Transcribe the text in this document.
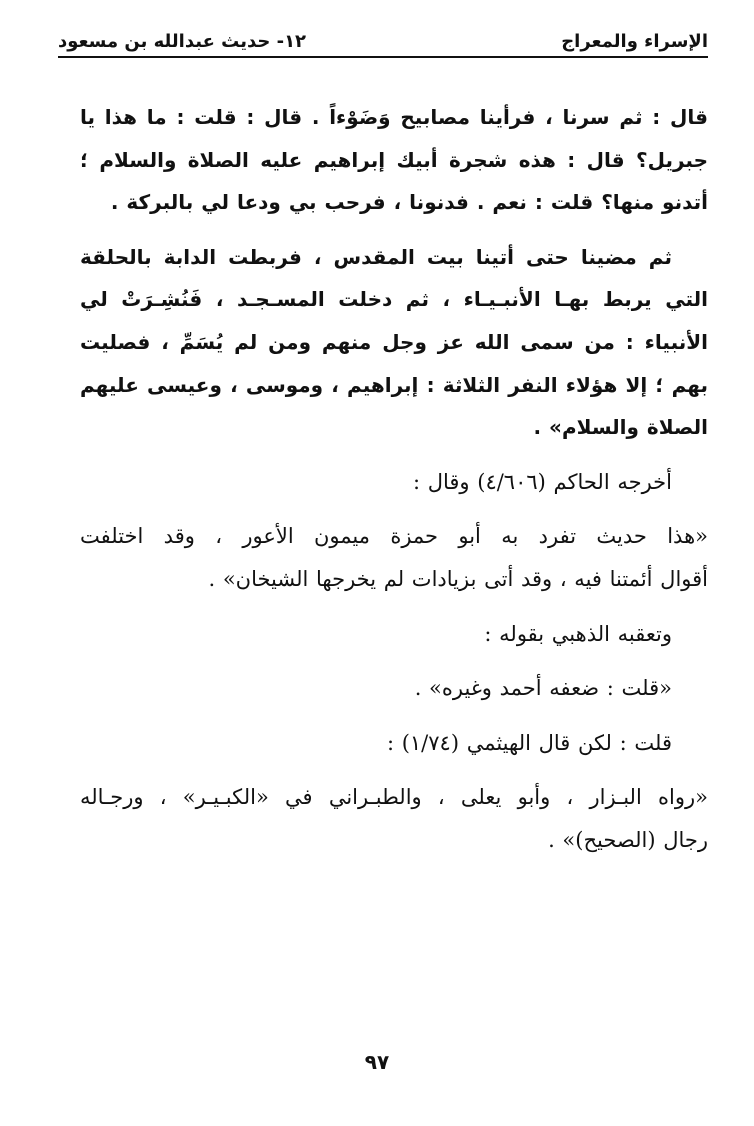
الإسراء والمعراج
١٢- حديث عبدالله بن مسعود
قال : ثم سرنا ، فرأينا مصابيح وَضَوْءاً . قال : قلت : ما هذا يا
جبريل؟ قال : هذه شجرة أبيك إبراهيم عليه الصلاة والسلام ؛
أتدنو منها؟ قلت : نعم . فدنونا ، فرحب بي ودعا لي بالبركة .
ثم مضينا حتى أتينا بيت المقدس ، فربطت الدابة بالحلقة
التي يربط بهـا الأنبـيـاء ، ثم دخلت المسـجـد ، فَنُشِـرَتْ لي
الأنبياء : من سمى الله عز وجل منهم ومن لم يُسَمِّ ، فصليت
بهم ؛ إلا هؤلاء النفر الثلاثة : إبراهيم ، وموسى ، وعيسى عليهم
الصلاة والسلام» .
أخرجه الحاكم (٤/٦٠٦) وقال :
«هذا حديث تفرد به أبو حمزة ميمون الأعور ، وقد اختلفت
أقوال أئمتنا فيه ، وقد أتى بزيادات لم يخرجها الشيخان» .
وتعقبه الذهبي بقوله :
«قلت : ضعفه أحمد وغيره» .
قلت : لكن قال الهيثمي (١/٧٤) :
«رواه البـزار ، وأبو يعلى ، والطبـراني في «الكبـيـر» ، ورجـاله
رجال (الصحيح)» .
٩٧
